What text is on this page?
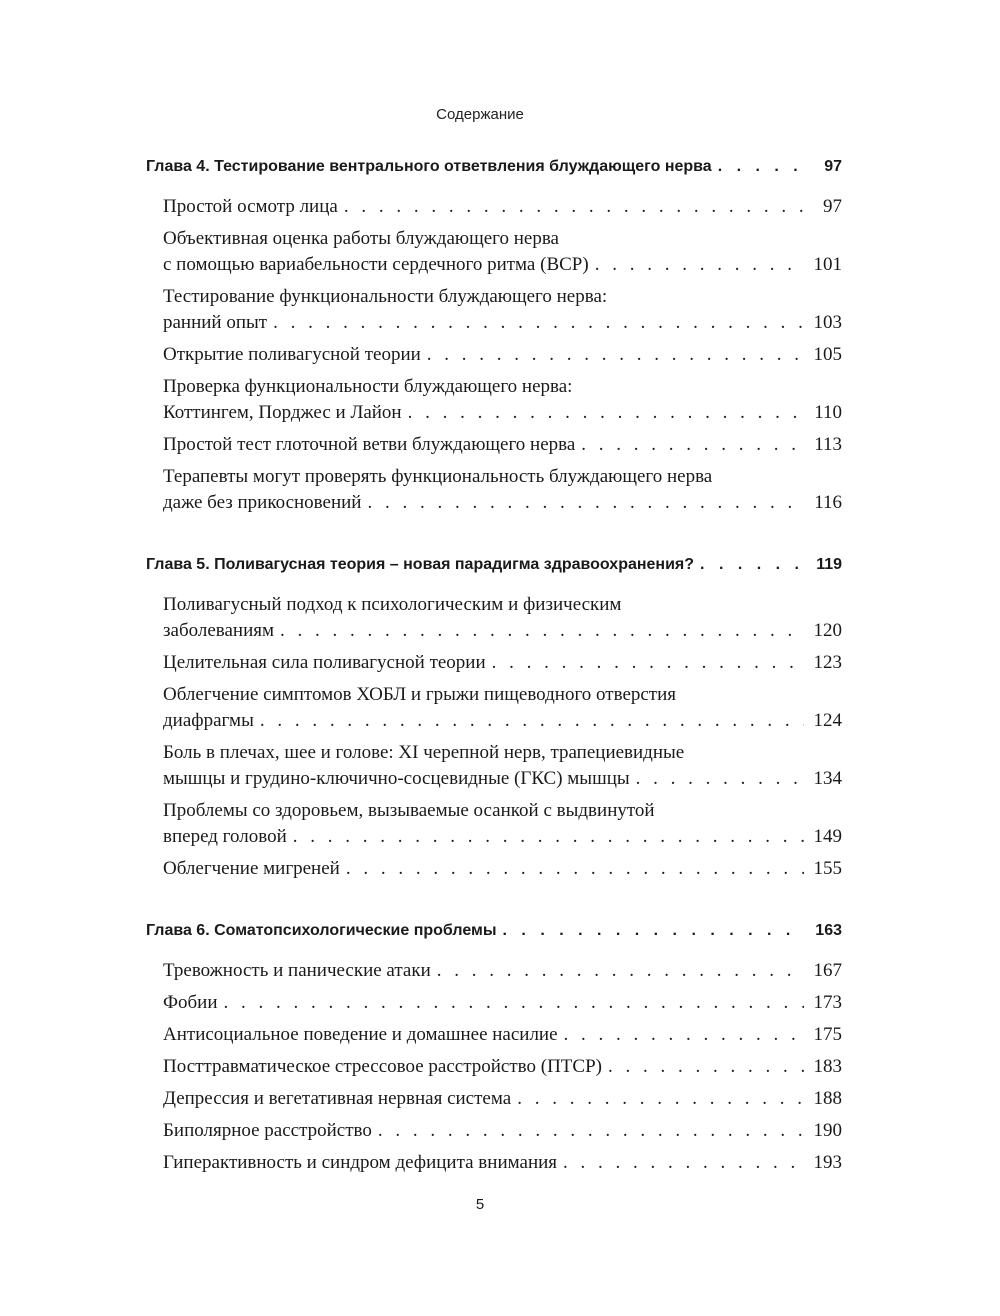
Содержание
Глава 4. Тестирование вентрального ответвления блуждающего нерва . . .	97
Простой осмотр лица . . .	97
Объективная оценка работы блуждающего нерва
с помощью вариабельности сердечного ритма (ВСР) . . .	101
Тестирование функциональности блуждающего нерва:
ранний опыт . . .	103
Открытие поливагусной теории . . .	105
Проверка функциональности блуждающего нерва:
Коттингем, Порджес и Лайон . . .	110
Простой тест глоточной ветви блуждающего нерва . . .	113
Терапевты могут проверять функциональность блуждающего нерва
даже без прикосновений . . .	116
Глава 5. Поливагусная теория – новая парадигма здравоохранения? . . .	119
Поливагусный подход к психологическим и физическим
заболеваниям . . .	120
Целительная сила поливагусной теории . . .	123
Облегчение симптомов ХОБЛ и грыжи пищеводного отверстия
диафрагмы . . .	124
Боль в плечах, шее и голове: XI черепной нерв, трапециевидные
мышцы и грудино-ключично-сосцевидные (ГКС) мышцы . . .	134
Проблемы со здоровьем, вызываемые осанкой с выдвинутой
вперед головой . . .	149
Облегчение мигреней . . .	155
Глава 6. Соматопсихологические проблемы . . .	163
Тревожность и панические атаки . . .	167
Фобии . . .	173
Антисоциальное поведение и домашнее насилие . . .	175
Посттравматическое стрессовое расстройство (ПТСР) . . .	183
Депрессия и вегетативная нервная система . . .	188
Биполярное расстройство . . .	190
Гиперактивность и синдром дефицита внимания . . .	193
5
